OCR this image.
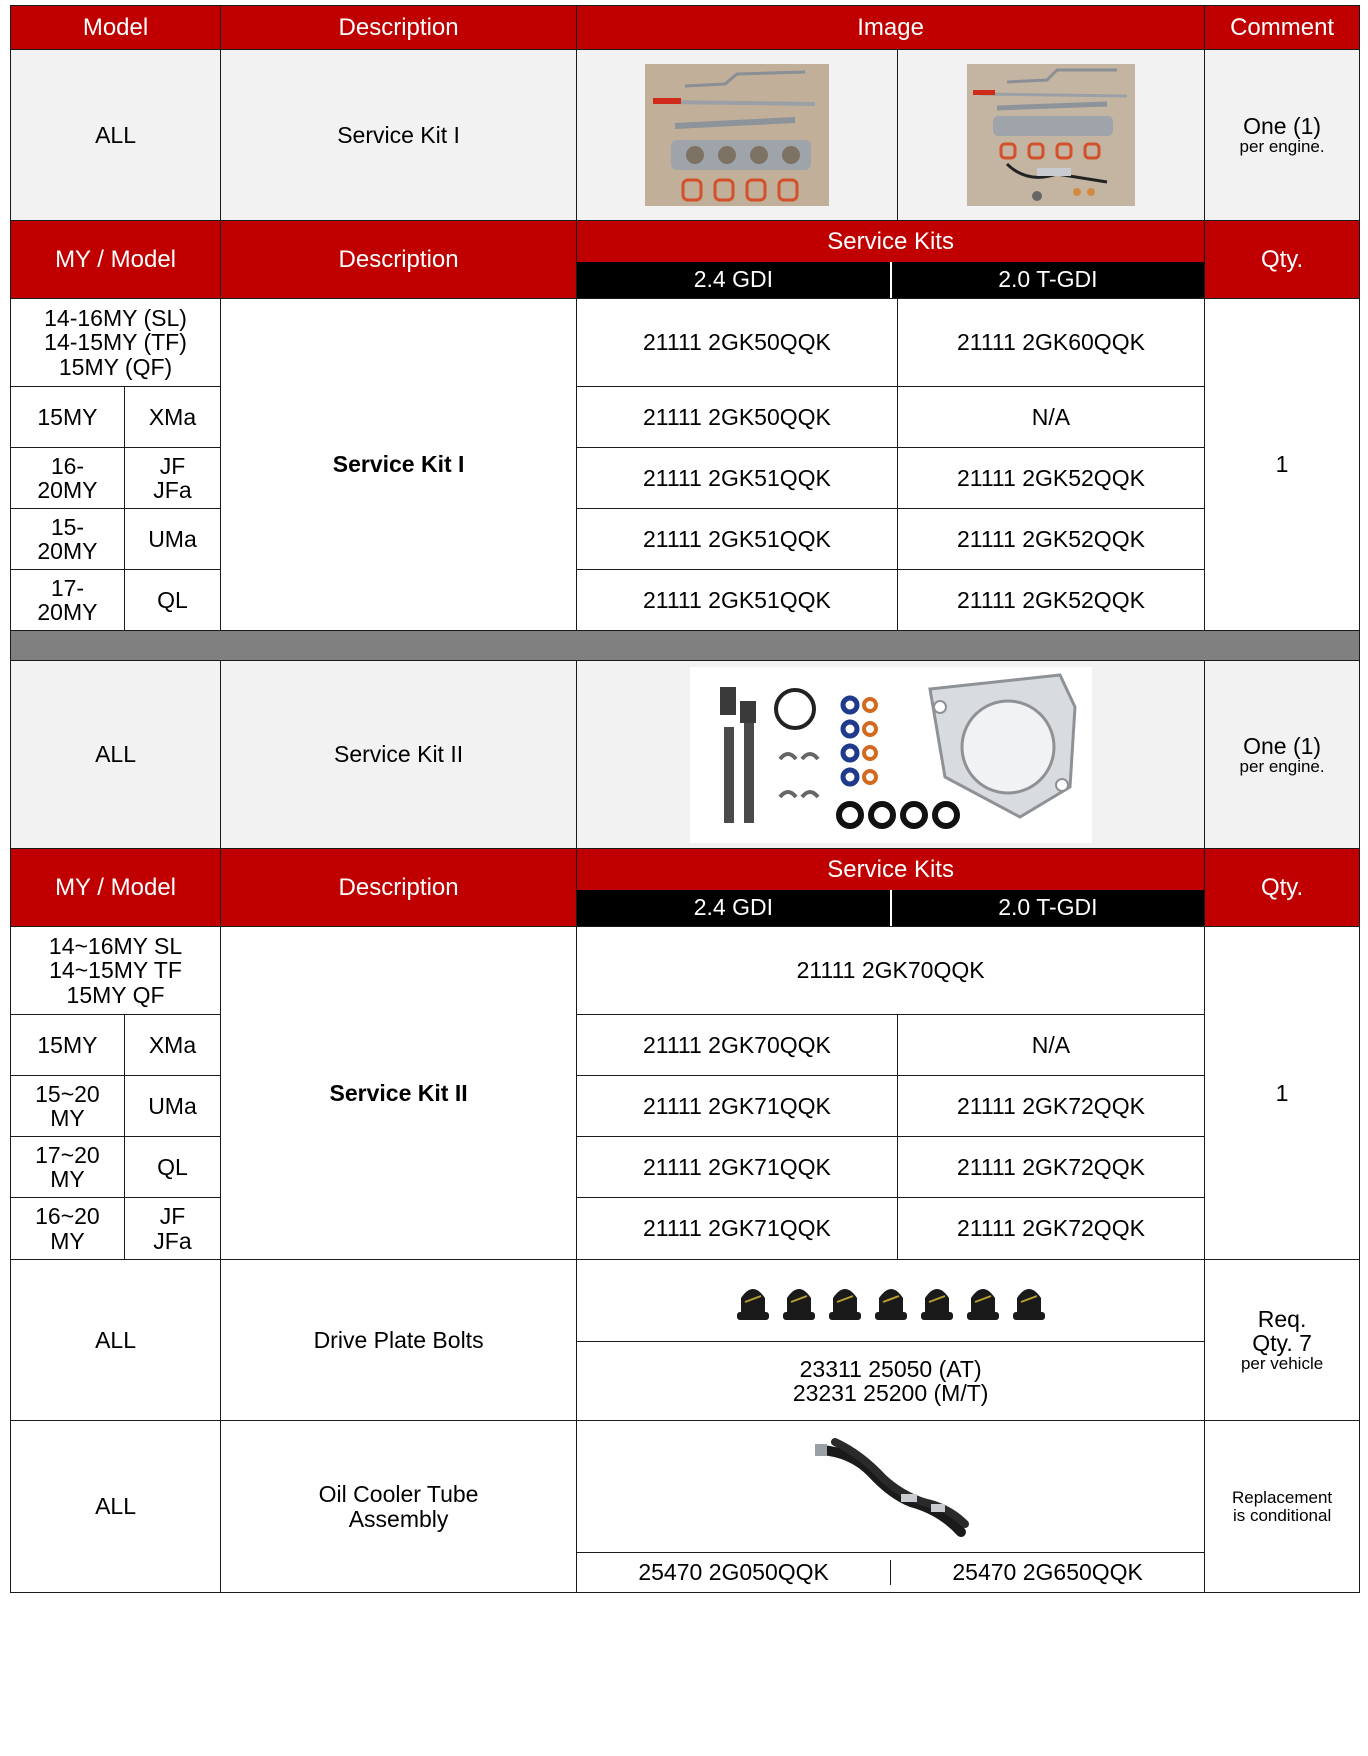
Model		Description	Image		Comment
ALL		Service Kit I			One (1)
per engine.

MY / Model		Description	Service Kits
2.4 GDI 2.0 T-GDI		Qty.
14-16MY (SL)
14-15MY (TF)
15MY (QF)		Service Kit I	21111 2GK50QQK	21111 2GK60QQK	1
15MY	XMa		21111 2GK50QQK	N/A	
16-
20MY	JF
JFa		21111 2GK51QQK	21111 2GK52QQK	
15-
20MY	UMa		21111 2GK51QQK	21111 2GK52QQK	
17-
20MY	QL		21111 2GK51QQK	21111 2GK52QQK	

ALL		Service Kit II			One (1)
per engine.

MY / Model		Description	Service Kits
2.4 GDI 2.0 T-GDI		Qty.
14~16MY SL
14~15MY TF
15MY QF		Service Kit II	21111 2GK70QQK		1
15MY	XMa		21111 2GK70QQK	N/A	
15~20
MY	UMa		21111 2GK71QQK	21111 2GK72QQK	
17~20
MY	QL		21111 2GK71QQK	21111 2GK72QQK	
16~20
MY	JF
JFa		21111 2GK71QQK	21111 2GK72QQK	
ALL		Drive Plate Bolts			Req.
Qty. 7
per vehicle

			23311 25050 (AT)
23231 25200 (M/T)		
ALL		Oil Cooler Tube
Assembly			Replacement
is conditional

25470 2G050QQK 25470 2G650QQK		
